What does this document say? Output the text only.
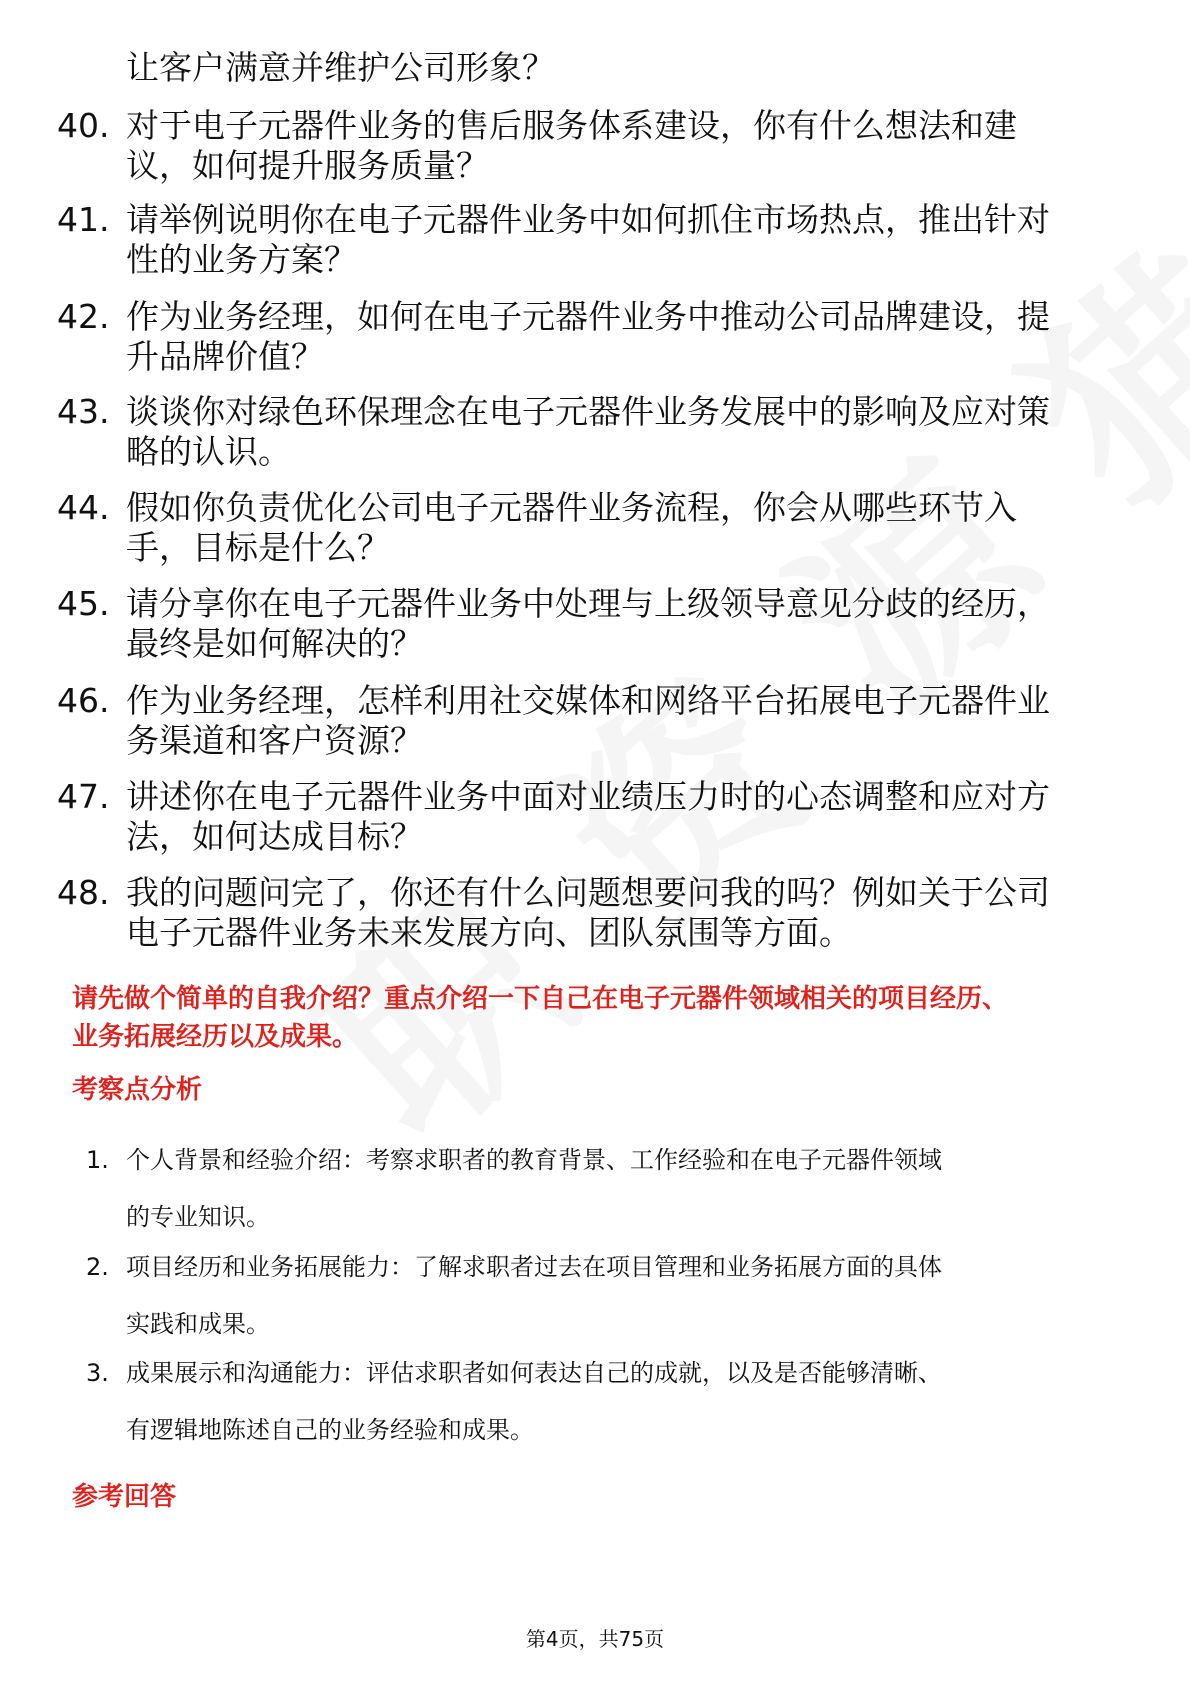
让客户满意并维护公司形象？
40. 对于电子元器件业务的售后服务体系建设，你有什么想法和建
议，如何提升服务质量？
41. 请举例说明你在电子元器件业务中如何抓住市场热点，推出针对
性的业务方案？
42. 作为业务经理，如何在电子元器件业务中推动公司品牌建设，提
升品牌价值？
43. 谈谈你对绿色环保理念在电子元器件业务发展中的影响及应对策
略的认识。
44. 假如你负责优化公司电子元器件业务流程，你会从哪些环节入
手，目标是什么？
45. 请分享你在电子元器件业务中处理与上级领导意见分歧的经历，
最终是如何解决的？
46. 作为业务经理，怎样利用社交媒体和网络平台拓展电子元器件业
务渠道和客户资源？
47. 讲述你在电子元器件业务中面对业绩压力时的心态调整和应对方
法，如何达成目标？
48. 我的问题问完了，你还有什么问题想要问我的吗？例如关于公司
电子元器件业务未来发展方向、团队氛围等方面。
请先做个简单的自我介绍？重点介绍一下自己在电子元器件领域相关的项目经历、
业务拓展经历以及成果。
考察点分析
1. 个人背景和经验介绍：考察求职者的教育背景、工作经验和在电子元器件领域
的专业知识。
2. 项目经历和业务拓展能力：了解求职者过去在项目管理和业务拓展方面的具体
实践和成果。
3. 成果展示和沟通能力：评估求职者如何表达自己的成就，以及是否能够清晰、
有逻辑地陈述自己的业务经验和成果。
参考回答
第4页，共75页
